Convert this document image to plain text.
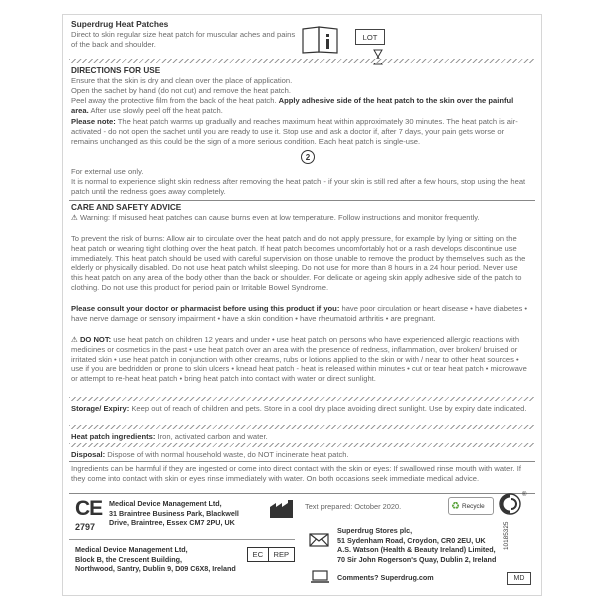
Superdrug Heat Patches
Direct to skin regular size heat patch for muscular aches and pains of the back and shoulder.
LOT
DIRECTIONS FOR USE

Ensure that the skin is dry and clean over the place of application.

Open the sachet by hand (do not cut) and remove the heat patch.

Peel away the protective film from the back of the heat patch. Apply adhesive side of the heat patch to the skin over the painful area. After use slowly peel off the heat patch.

Please note: The heat patch warms up gradually and reaches maximum heat within approximately 30 minutes. The heat patch is air-activated - do not open the sachet until you are ready to use it. Stop use and ask a doctor if, after 7 days, your pain gets worse or remains unchanged as this could be the sign of a more serious condition. Each heat patch is single-use.

2

For external use only.

It is normal to experience slight skin redness after removing the heat patch - if your skin is still red after a few hours, stop using the heat patch until the redness goes away completely.

CARE AND SAFETY ADVICE

⚠ Warning: If misused heat patches can cause burns even at low temperature. Follow instructions and monitor frequently.

To prevent the risk of burns: Allow air to circulate over the heat patch and do not apply pressure, for example by lying or sitting on the heat patch or wearing tight clothing over the heat patch. If heat patch becomes uncomfortably hot or a rash develops discontinue use immediately. This heat patch should be used with careful supervision on those unable to remove the product by themselves such as the elderly or physically disabled. Do not use heat patch whilst sleeping. Do not use for more than 8 hours in a 24 hour period. Never use this heat patch on any area of the body other than the back or shoulder. For delicate or ageing skin apply adhesive side of the patch to clothing. Do not use this product for period pain or Irritable Bowel Syndrome.

Please consult your doctor or pharmacist before using this product if you: have poor circulation or heart disease • have diabetes • have nerve damage or sensory impairment • have a skin condition • have rheumatoid arthritis • are pregnant.

⚠ DO NOT: use heat patch on children 12 years and under • use heat patch on persons who have experienced allergic reactions with medicines or cosmetics in the past • use heat patch over an area with the presence of redness, inflammation, over broken/ bruised or irritated skin • use heat patch in conjunction with other creams, rubs or lotions applied to the skin or with / near to other heat sources • use if you are bedridden or prone to skin ulcers • knead heat patch - heat is released within minutes • cut or tear heat patch • microwave or attempt to re-heat heat patch • bring heat patch into contact with water or direct sunlight.

Storage/ Expiry: Keep out of reach of children and pets. Store in a cool dry place avoiding direct sunlight. Use by expiry date indicated.

Heat patch ingredients: Iron, activated carbon and water.

Disposal: Dispose of with normal household waste, do NOT incinerate heat patch.

Ingredients can be harmful if they are ingested or come into direct contact with the skin or eyes: If swallowed rinse mouth with water. If they come into contact with skin or eyes rinse immediately with water. On both occasions seek immediate medical advice.

CE
2797
Medical Device Management Ltd,
31 Braintree Business Park, Blackwell
Drive, Braintree, Essex CM7 2PU, UK
Text prepared: October 2020.	♻ Recycle
®
Medical Device Management Ltd,
Block B, the Crescent Building,
Northwood, Santry, Dublin 9, D09 C6X8, Ireland
EC	REP
Superdrug Stores plc,
51 Sydenham Road, Croydon, CR0 2EU, UK
A.S. Watson (Health & Beauty Ireland) Limited,
70 Sir John Rogerson's Quay, Dublin 2, Ireland
10185325
Comments? Superdrug.com	MD
